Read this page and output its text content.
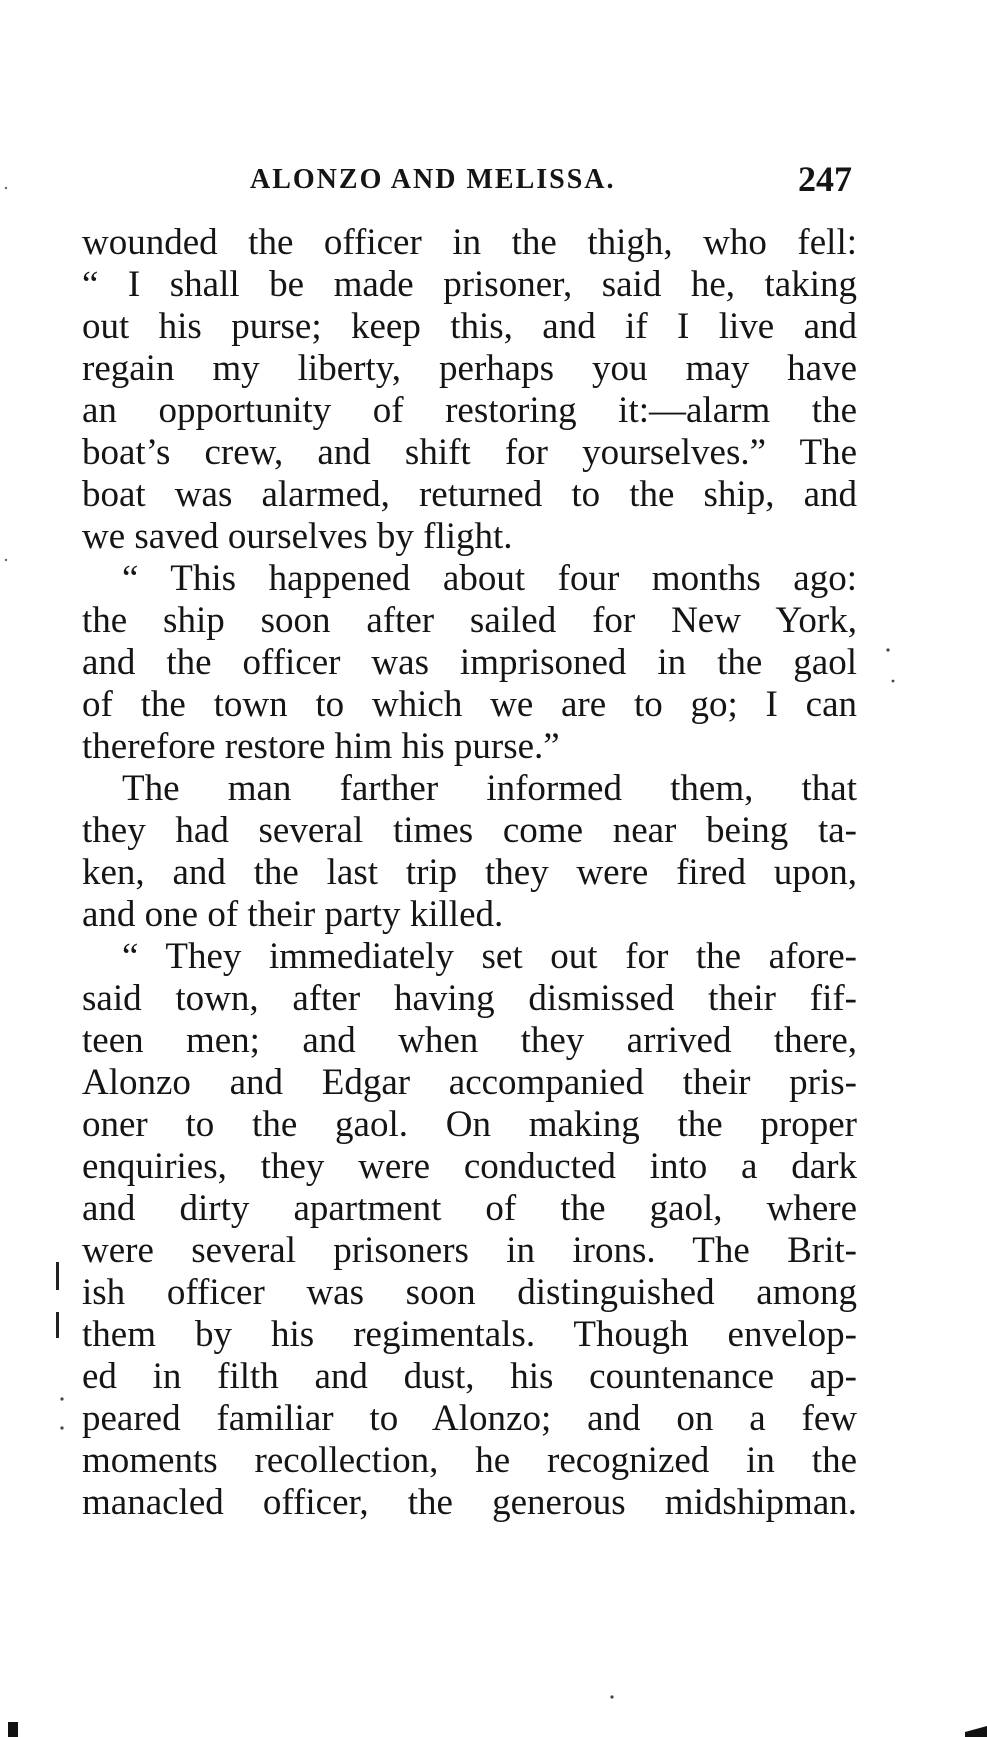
ALONZO AND MELISSA.	247
wounded the officer in the thigh, who fell:
“ I shall be made prisoner, said he, taking
out his purse; keep this, and if I live and
regain my liberty, perhaps you may have
an opportunity of restoring it:—alarm the
boat’s crew, and shift for yourselves.” The
boat was alarmed, returned to the ship, and
we saved ourselves by flight.
“ This happened about four months ago:
the ship soon after sailed for New York,
and the officer was imprisoned in the gaol
of the town to which we are to go; I can
therefore restore him his purse.”
The man farther informed them, that
they had several times come near being ta-
ken, and the last trip they were fired upon,
and one of their party killed.
“ They immediately set out for the afore-
said town, after having dismissed their fif-
teen men; and when they arrived there,
Alonzo and Edgar accompanied their pris-
oner to the gaol. On making the proper
enquiries, they were conducted into a dark
and dirty apartment of the gaol, where
were several prisoners in irons. The Brit-
ish officer was soon distinguished among
them by his regimentals. Though envelop-
ed in filth and dust, his countenance ap-
peared familiar to Alonzo; and on a few
moments recollection, he recognized in the
manacled officer, the generous midshipman.
